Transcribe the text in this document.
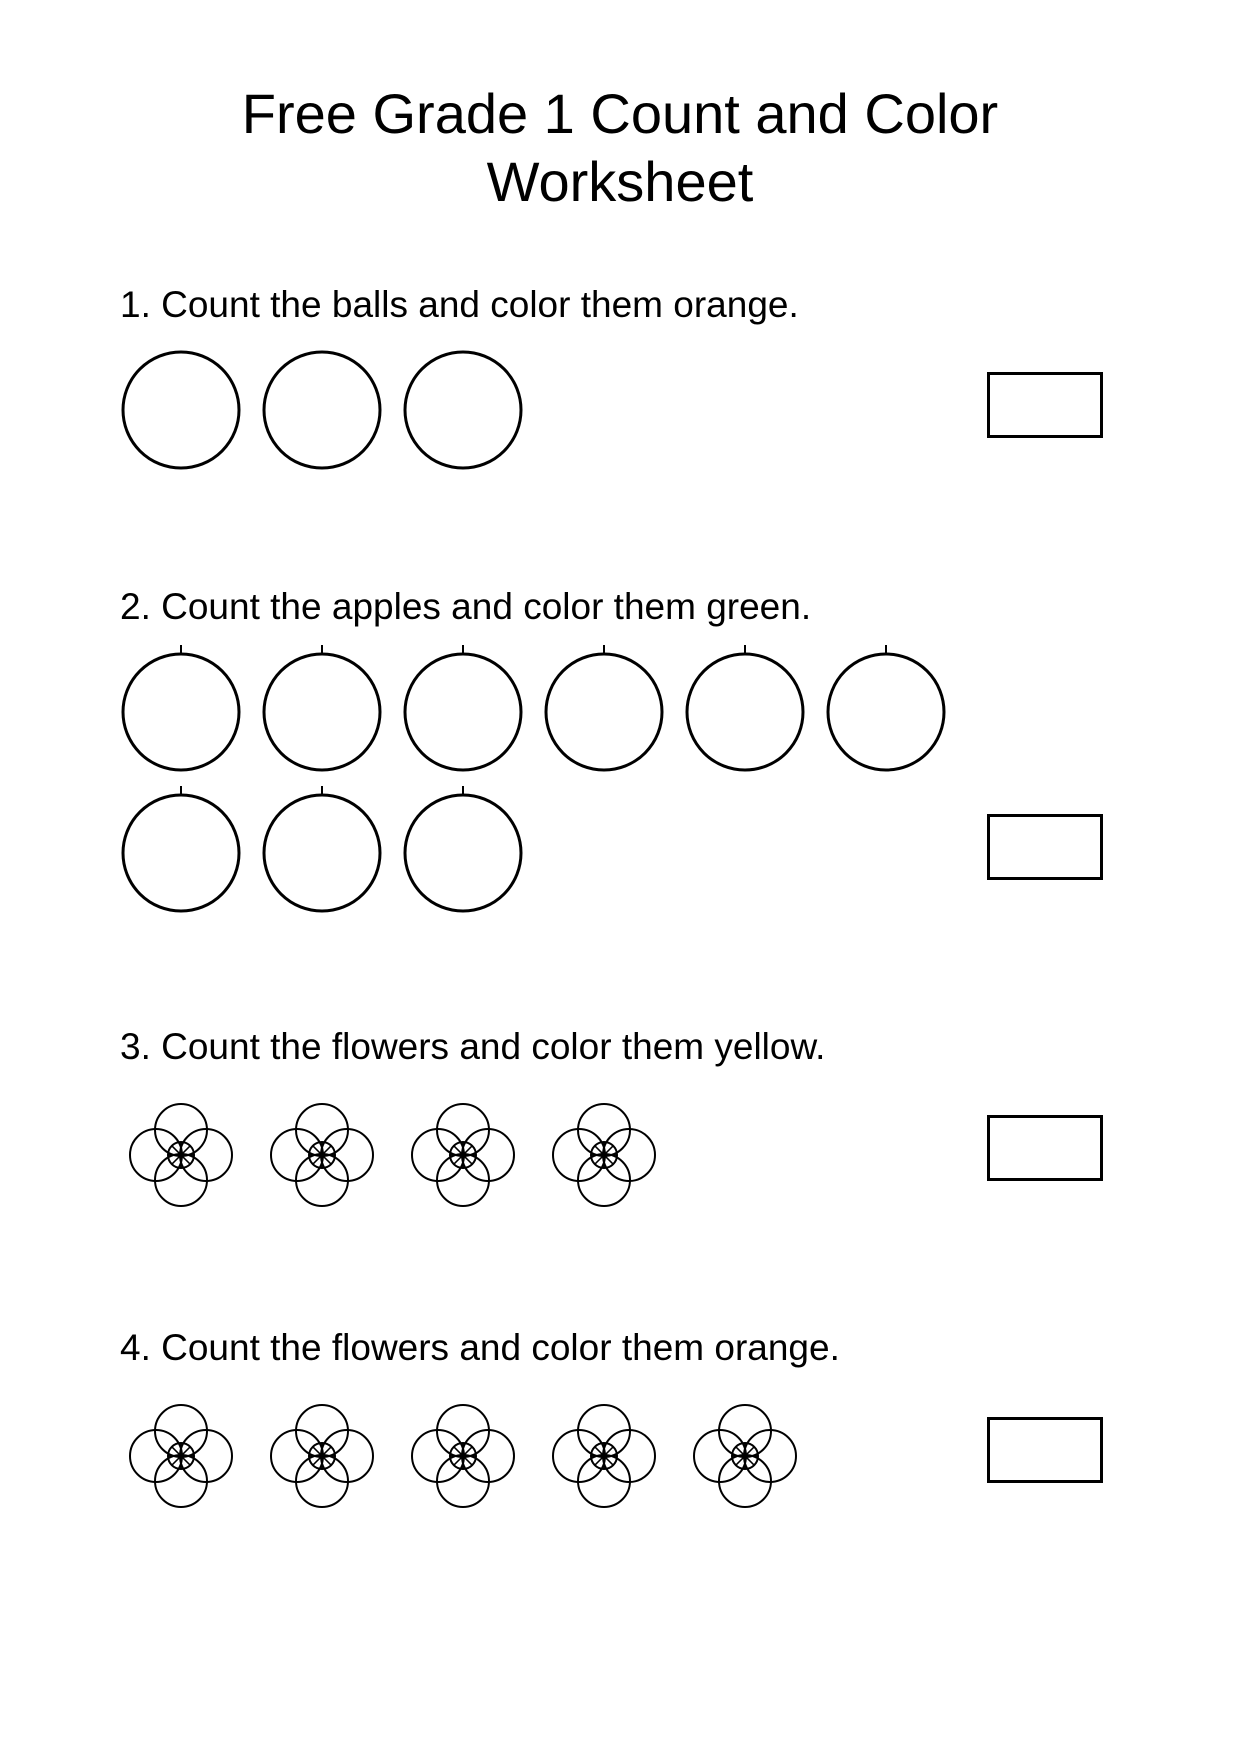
Free Grade 1 Count and Color
Worksheet

1. Count the balls and color them orange.

2. Count the apples and color them green.

3. Count the flowers and color them yellow.

4. Count the flowers and color them orange.
